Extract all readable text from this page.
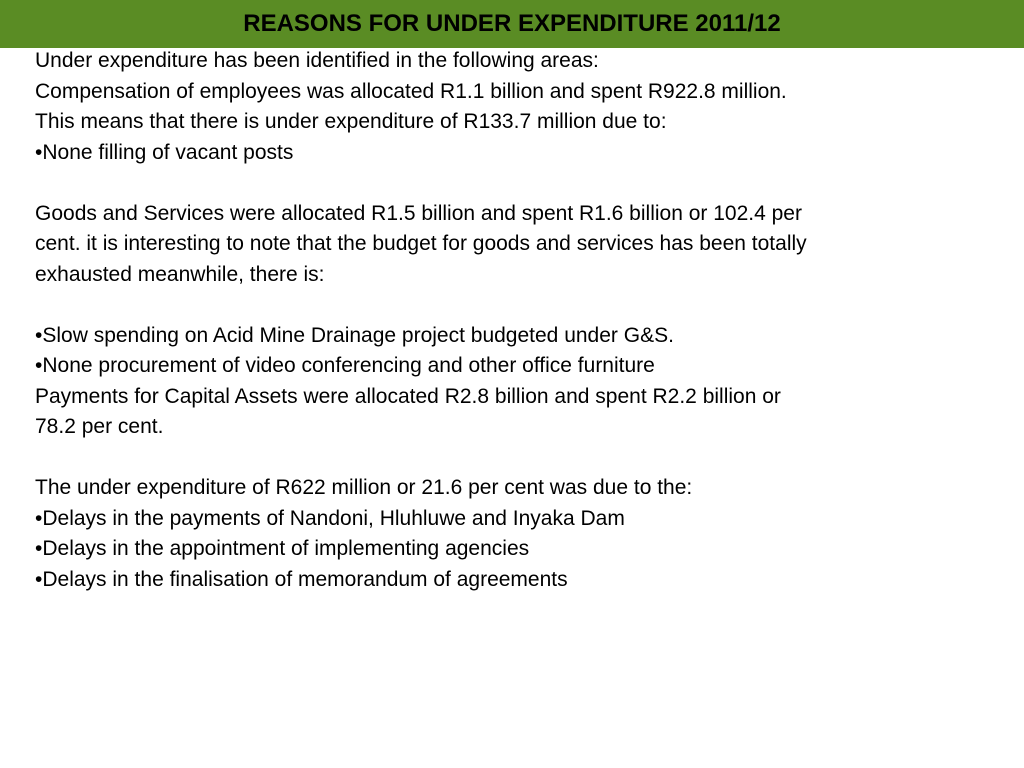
REASONS FOR UNDER EXPENDITURE 2011/12
Under expenditure has been identified in the following areas:
Compensation of employees was allocated R1.1 billion and spent R922.8 million.
This means that there is under expenditure of R133.7 million due to:
•None filling of vacant posts
Goods and Services were allocated R1.5 billion and spent R1.6 billion or 102.4 per
cent. it is interesting to note that the budget for goods and services has been totally
exhausted meanwhile, there is:
•Slow spending on Acid Mine Drainage project budgeted under G&S.
•None procurement of video conferencing and other office furniture
Payments for Capital Assets were allocated R2.8 billion and spent R2.2 billion or
78.2 per cent.
The under expenditure of R622 million or 21.6 per cent was due to the:
•Delays in the payments of Nandoni, Hluhluwe and Inyaka Dam
•Delays in the appointment of implementing agencies
•Delays in the finalisation of memorandum of agreements
